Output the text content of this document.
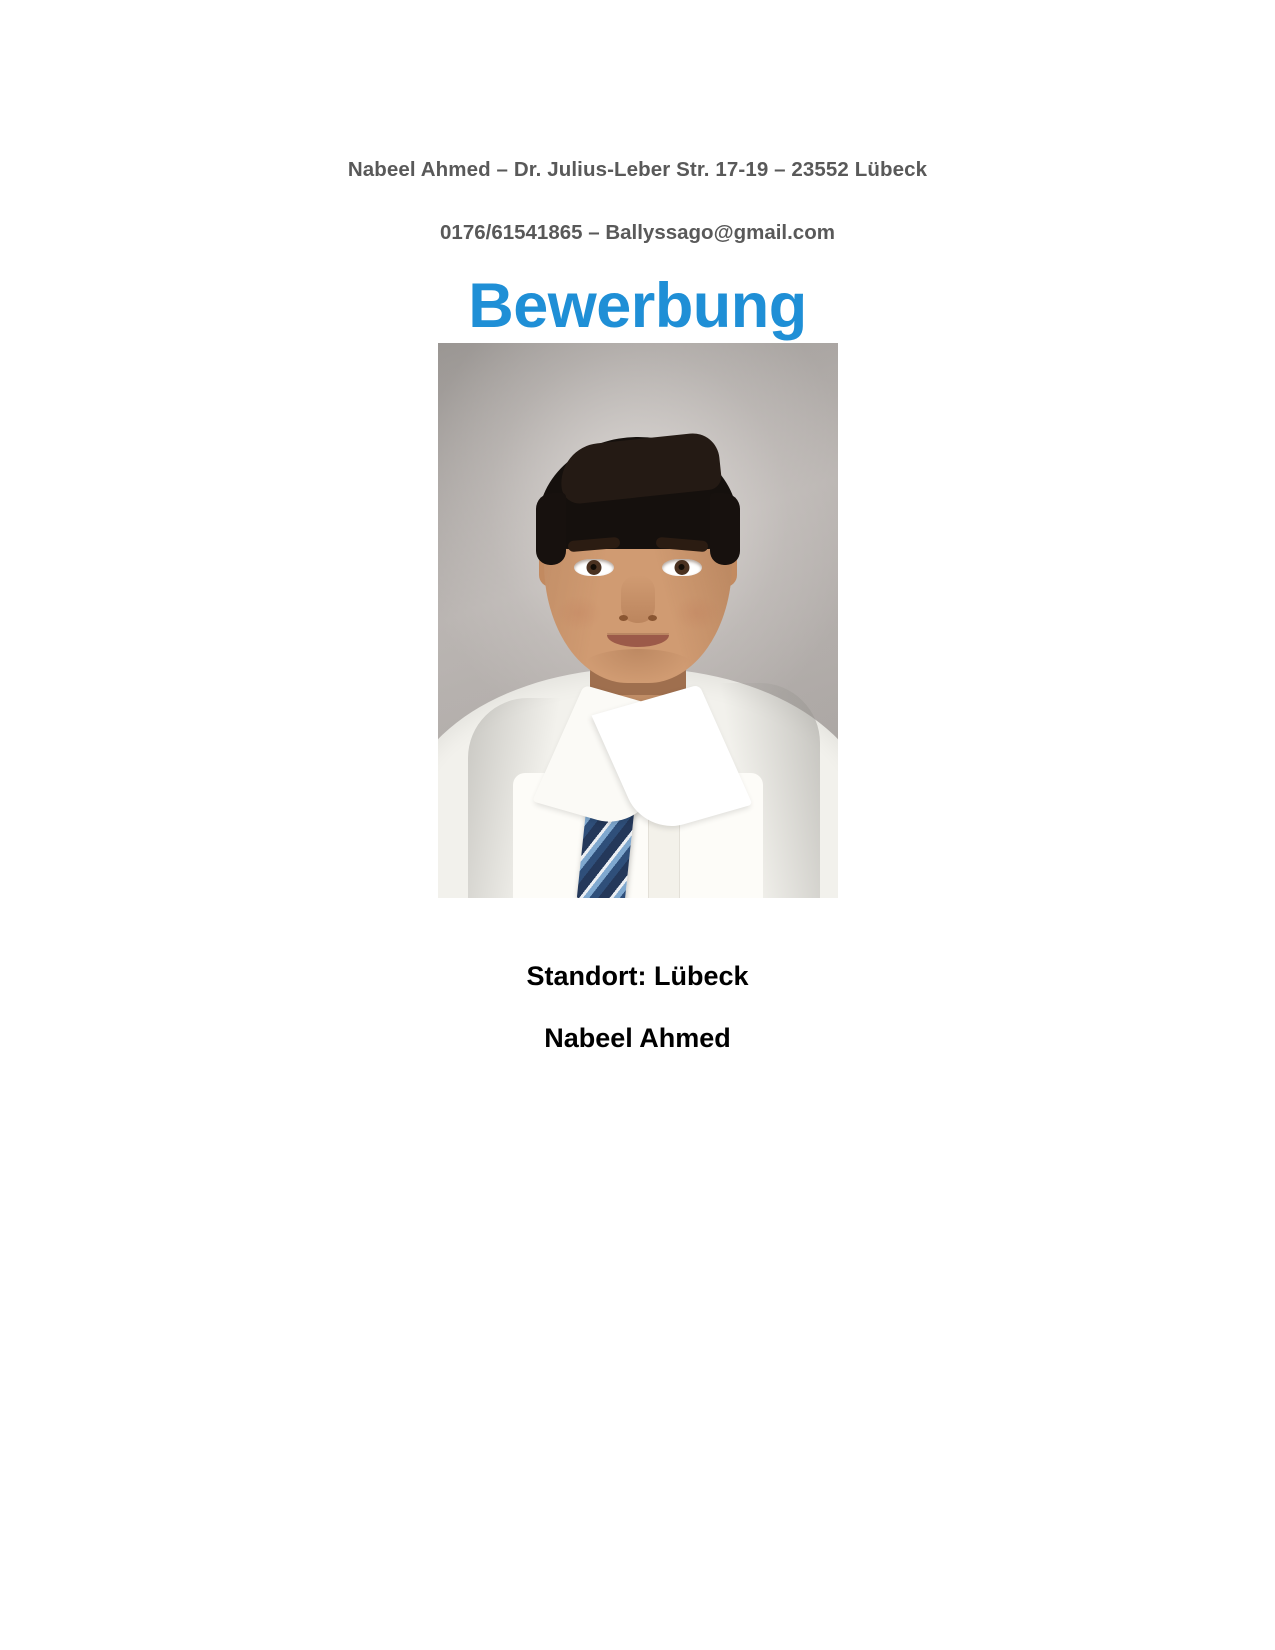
Nabeel Ahmed – Dr. Julius-Leber Str. 17-19 – 23552 Lübeck
0176/61541865 – Ballyssago@gmail.com
Bewerbung
Standort: Lübeck
Nabeel Ahmed
